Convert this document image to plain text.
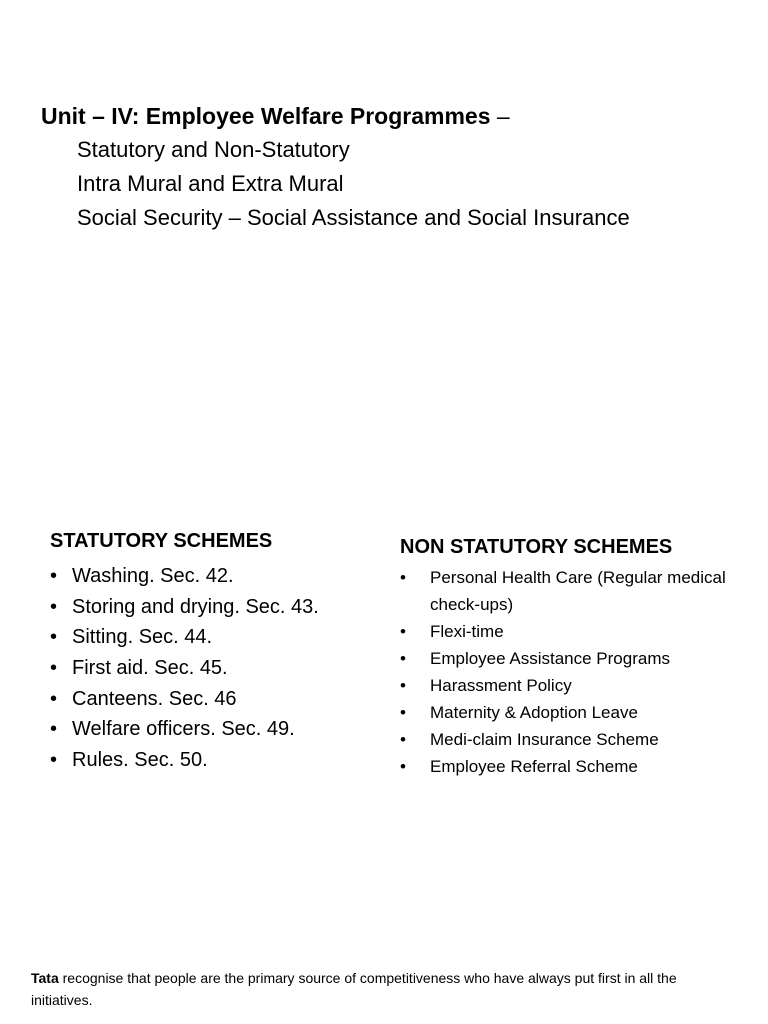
Unit – IV: Employee Welfare Programmes –
Statutory and Non-Statutory
Intra Mural and Extra Mural
Social Security – Social Assistance and Social Insurance
STATUTORY SCHEMES
• Washing. Sec. 42.
• Storing and drying. Sec. 43.
• Sitting. Sec. 44.
• First aid. Sec. 45.
• Canteens. Sec. 46
• Welfare officers. Sec. 49.
• Rules. Sec. 50.
NON STATUTORY SCHEMES
• Personal Health Care (Regular medical check-ups)
• Flexi-time
• Employee Assistance Programs
• Harassment Policy
• Maternity & Adoption Leave
• Medi-claim Insurance Scheme
• Employee Referral Scheme
Tata recognise that people are the primary source of competitiveness who have always put first in all the initiatives.
